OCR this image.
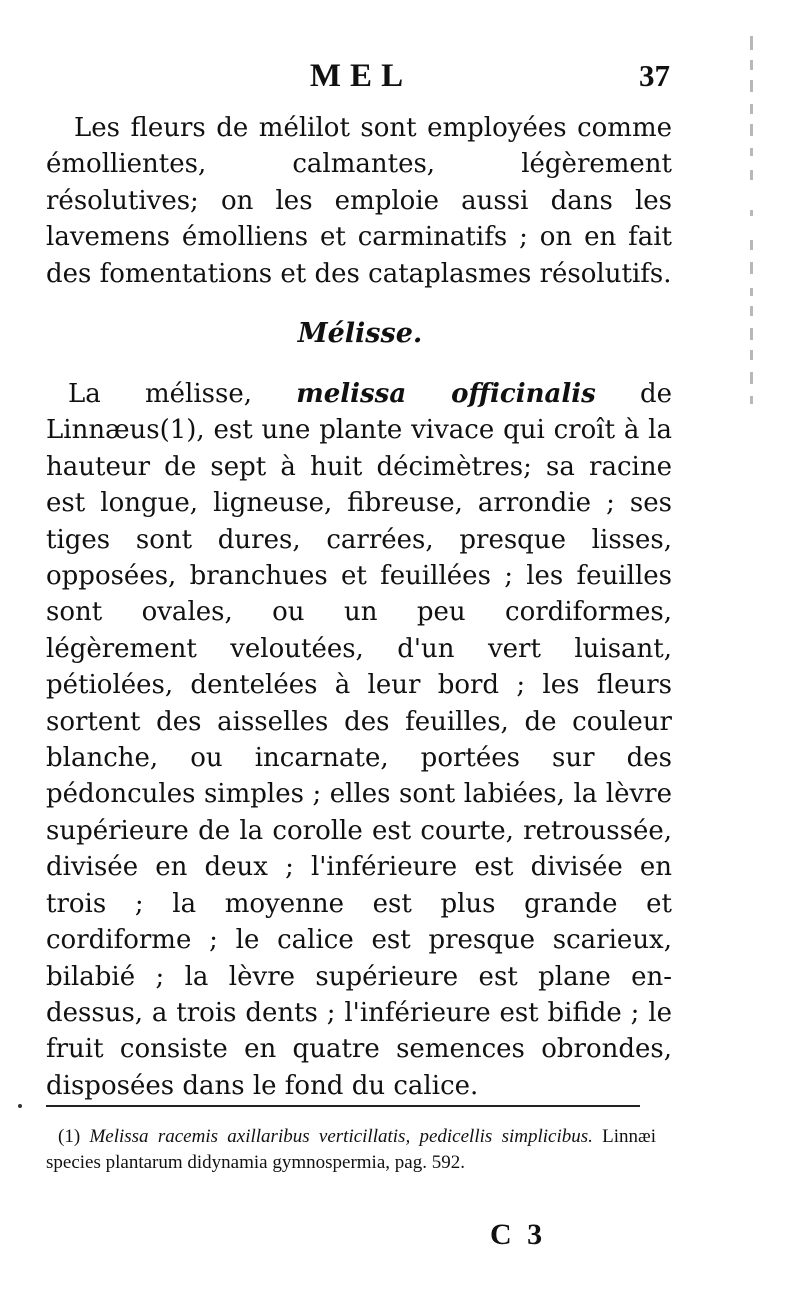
MEL	37

Les fleurs de mélilot sont employées comme émollientes, calmantes, légèrement résolutives; on les emploie aussi dans les lavemens émolliens et carminatifs ; on en fait des fomentations et des cataplasmes résolutifs.

Mélisse.

La mélisse, melissa officinalis de Linnæus(1), est une plante vivace qui croît à la hauteur de sept à huit décimètres; sa racine est longue, ligneuse, fibreuse, arrondie ; ses tiges sont dures, carrées, presque lisses, opposées, branchues et feuillées ; les feuilles sont ovales, ou un peu cordiformes, légèrement veloutées, d'un vert luisant, pétiolées, dentelées à leur bord ; les fleurs sortent des aisselles des feuilles, de couleur blanche, ou incarnate, portées sur des pédoncules simples ; elles sont labiées, la lèvre supérieure de la corolle est courte, retroussée, divisée en deux ; l'inférieure est divisée en trois ; la moyenne est plus grande et cordiforme ; le calice est presque scarieux, bilabié ; la lèvre supérieure est plane en-dessus, a trois dents ; l'inférieure est bifide ; le fruit consiste en quatre semences obrondes, disposées dans le fond du calice.

(1) Melissa racemis axillaribus verticillatis, pedicellis simplicibus. Linnæi species plantarum didynamia gymnospermia, pag. 592.

C 3
